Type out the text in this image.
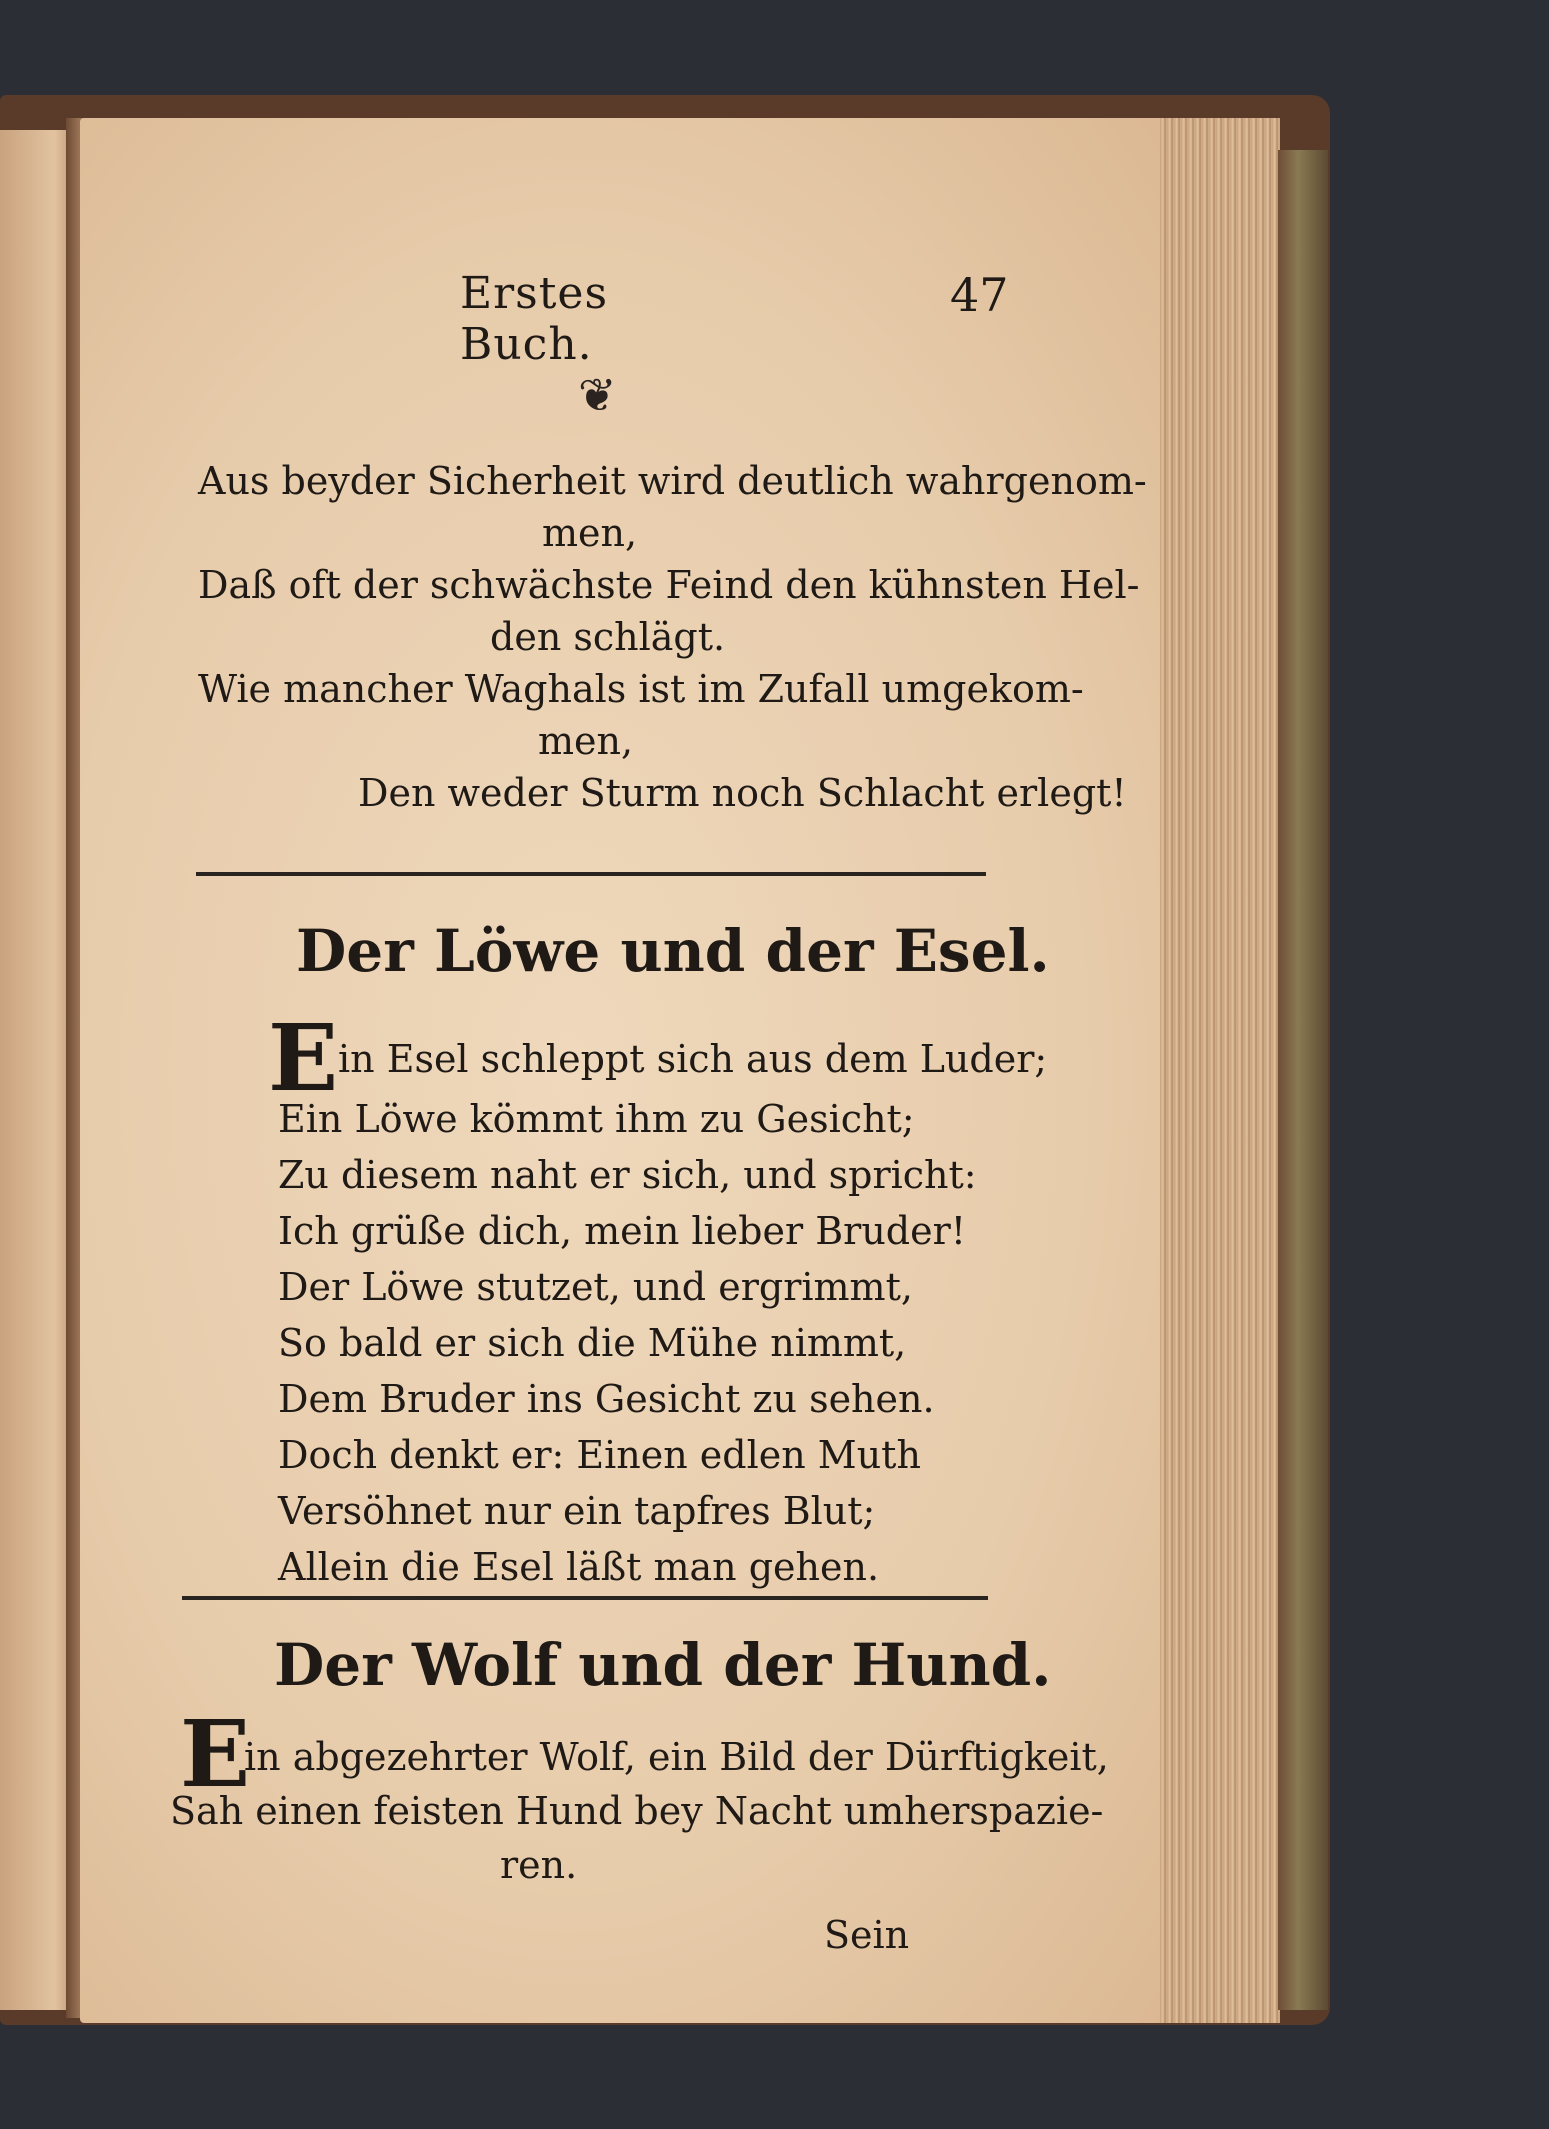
Erstes Buch.
47
❦
Aus beyder Sicherheit wird deutlich wahrgenom-
men,
Daß oft der schwächste Feind den kühnsten Hel-
den schlägt.
Wie mancher Waghals ist im Zufall umgekom-
men,
Den weder Sturm noch Schlacht erlegt!
Der Löwe und der Esel.
E in Esel schleppt sich aus dem Luder;
Ein Löwe kömmt ihm zu Gesicht;
Zu diesem naht er sich, und spricht:
Ich grüße dich, mein lieber Bruder!
Der Löwe stutzet, und ergrimmt,
So bald er sich die Mühe nimmt,
Dem Bruder ins Gesicht zu sehen.
Doch denkt er: Einen edlen Muth
Versöhnet nur ein tapfres Blut;
Allein die Esel läßt man gehen.
Der Wolf und der Hund.
E
in abgezehrter Wolf, ein Bild der Dürftigkeit,
Sah einen feisten Hund bey Nacht umherspazie-
ren.
Sein
